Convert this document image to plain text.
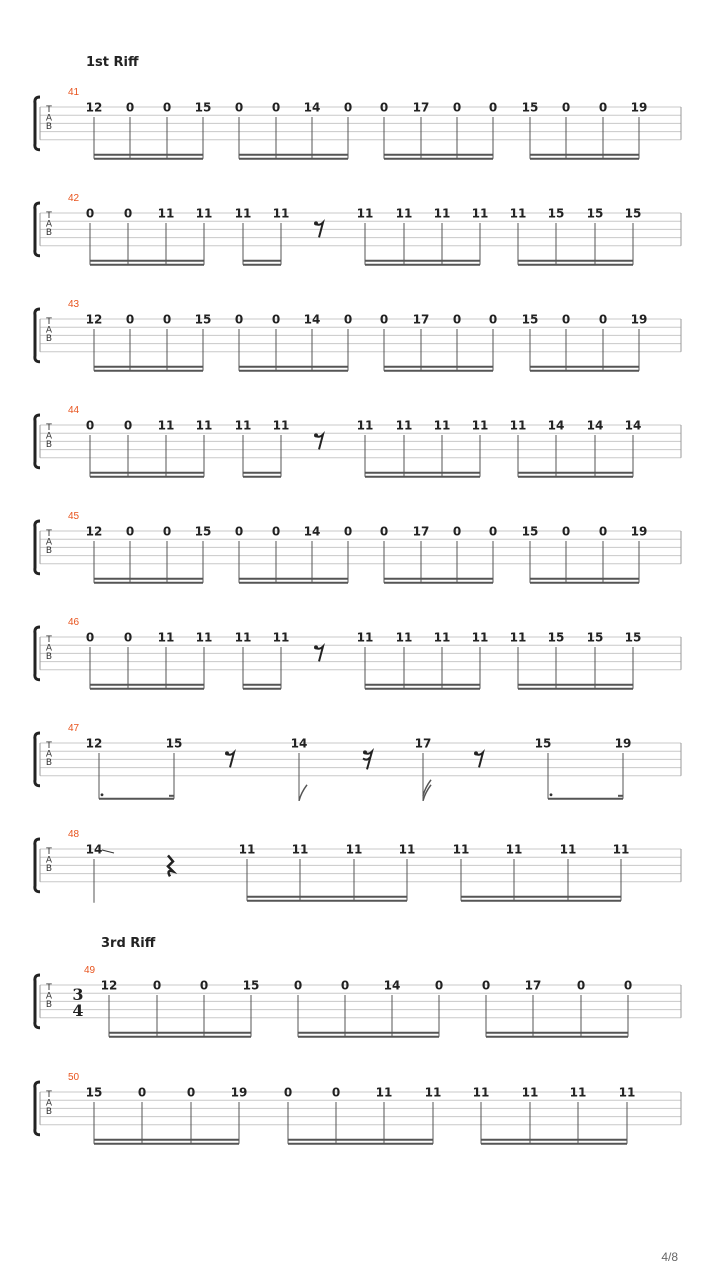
1st Riff
3rd Riff
T
A
B
41
12 0 0 15 0 0 14 0 0 17 0 0 15 0 0 19
T
A
B
42
0 0 11 11 11 11	11 11 11 11 11 15 15 15
T
A
B
43
12 0 0 15 0 0 14 0 0 17 0 0 15 0 0 19
T
A
B
44
0 0 11 11 11 11	11 11 11 11 11 14 14 14
T
A
B
45
12 0 0 15 0 0 14 0 0 17 0 0 15 0 0 19
T
A
B
46
0 0 11 11 11 11	11 11 11 11 11 15 15 15
T
A
B
47
12	15	14	17	15	19
T
A
B
48
14	11	11	11	11	11	11	11	11
T
A
B
3
4
49
12	0	0	15	0	0	14	0	0	17	0	0
T
A
B
50
15	0	0	19	0	0	11	11	11	11	11	11
4/8
